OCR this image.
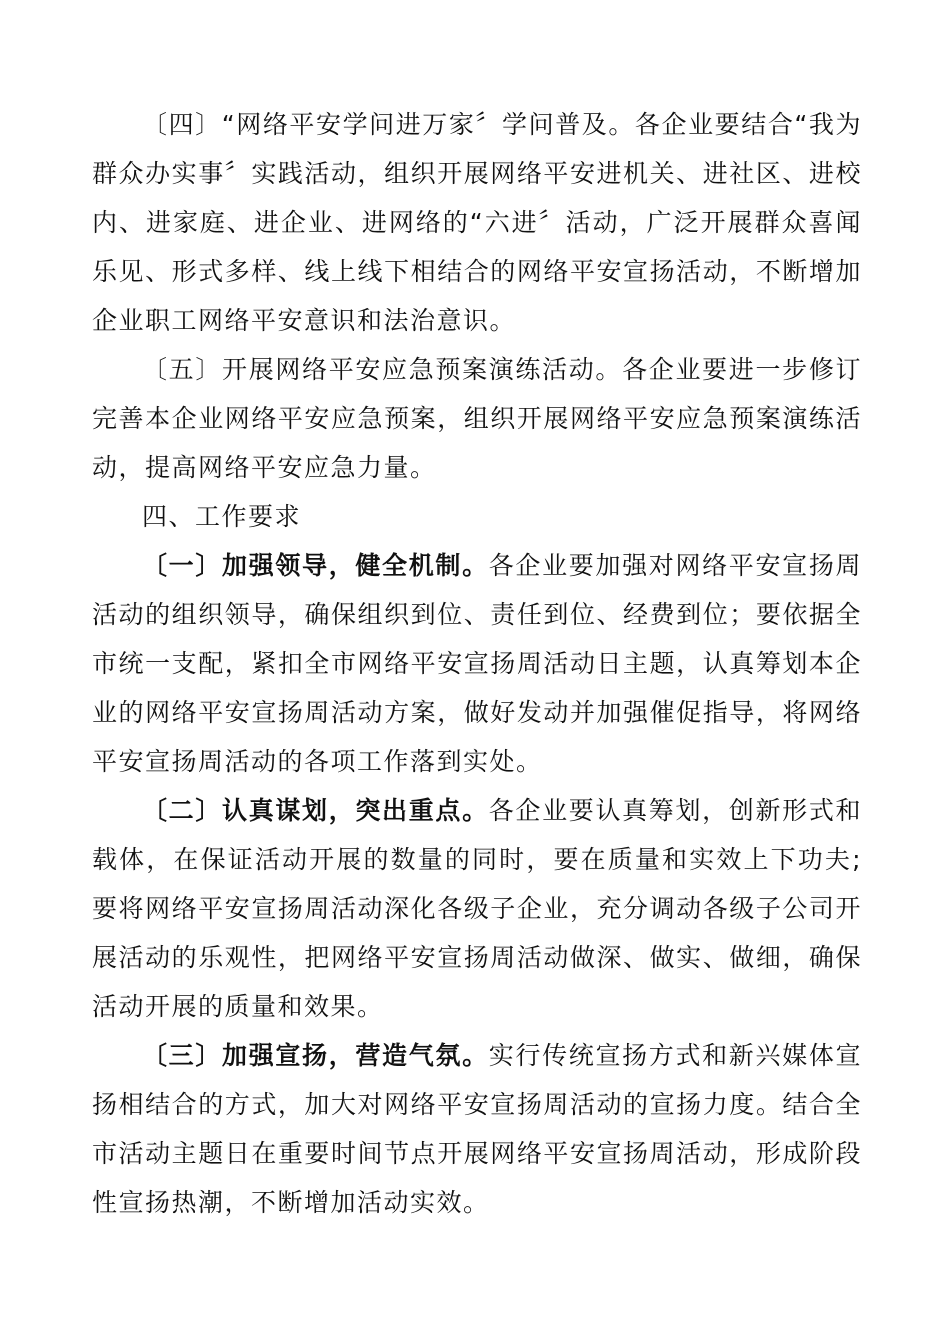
〔四〕“网络平安学问进万家〞学问普及。各企业要结合“我为群众办实事〞实践活动，组织开展网络平安进机关、进社区、进校内、进家庭、进企业、进网络的“六进〞活动，广泛开展群众喜闻乐见、形式多样、线上线下相结合的网络平安宣扬活动，不断增加企业职工网络平安意识和法治意识。

〔五〕开展网络平安应急预案演练活动。各企业要进一步修订完善本企业网络平安应急预案，组织开展网络平安应急预案演练活动，提高网络平安应急力量。

四、工作要求

〔一〕加强领导，健全机制。各企业要加强对网络平安宣扬周活动的组织领导，确保组织到位、责任到位、经费到位；要依据全市统一支配，紧扣全市网络平安宣扬周活动日主题，认真筹划本企业的网络平安宣扬周活动方案，做好发动并加强催促指导，将网络平安宣扬周活动的各项工作落到实处。

〔二〕认真谋划，突出重点。各企业要认真筹划，创新形式和载体，在保证活动开展的数量的同时，要在质量和实效上下功夫;要将网络平安宣扬周活动深化各级子企业，充分调动各级子公司开展活动的乐观性，把网络平安宣扬周活动做深、做实、做细，确保活动开展的质量和效果。

〔三〕加强宣扬，营造气氛。实行传统宣扬方式和新兴媒体宣扬相结合的方式，加大对网络平安宣扬周活动的宣扬力度。结合全市活动主题日在重要时间节点开展网络平安宣扬周活动，形成阶段性宣扬热潮，不断增加活动实效。
